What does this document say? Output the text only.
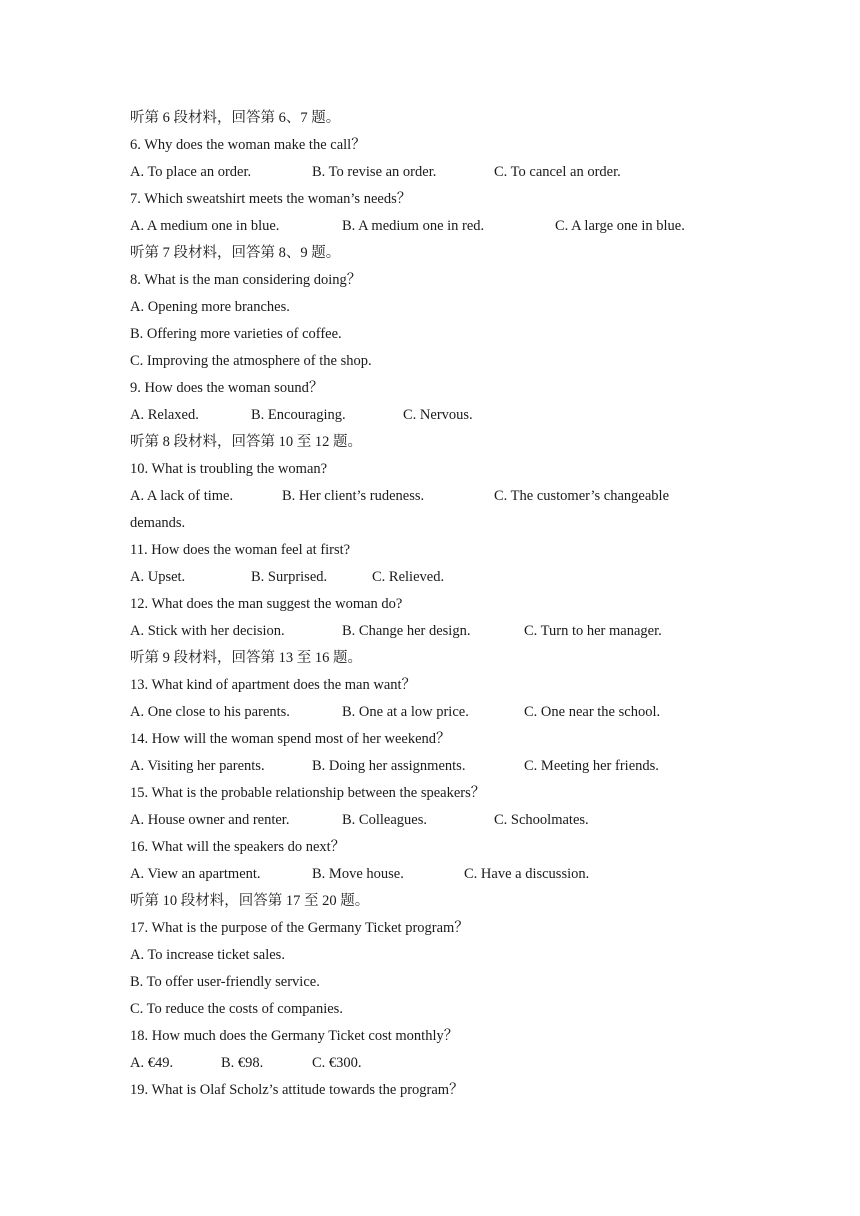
听第 6 段材料，回答第 6、7 题。
6. Why does the woman make the call？
A. To place an order.	B. To revise an order.	C. To cancel an order.
7. Which sweatshirt meets the woman’s needs？
A. A medium one in blue.	B. A medium one in red.	C. A large one in blue.
听第 7 段材料，回答第 8、9 题。
8. What is the man considering doing？
A. Opening more branches.
B. Offering more varieties of coffee.
C. Improving the atmosphere of the shop.
9. How does the woman sound？
A. Relaxed.	B. Encouraging.	C. Nervous.
听第 8 段材料，回答第 10 至 12 题。
10. What is troubling the woman?
A. A lack of time.	B. Her client’s rudeness.	C. The customer’s changeable
demands.
11. How does the woman feel at first?
A. Upset.	B. Surprised.	C. Relieved.
12. What does the man suggest the woman do?
A. Stick with her decision.	B. Change her design.	C. Turn to her manager.
听第 9 段材料，回答第 13 至 16 题。
13. What kind of apartment does the man want？
A. One close to his parents.	B. One at a low price.	C. One near the school.
14. How will the woman spend most of her weekend？
A. Visiting her parents.	B. Doing her assignments.	C. Meeting her friends.
15. What is the probable relationship between the speakers？
A. House owner and renter.	B. Colleagues.	C. Schoolmates.
16. What will the speakers do next？
A. View an apartment.	B. Move house.	C. Have a discussion.
听第 10 段材料，回答第 17 至 20 题。
17. What is the purpose of the Germany Ticket program？
A. To increase ticket sales.
B. To offer user-friendly service.
C. To reduce the costs of companies.
18. How much does the Germany Ticket cost monthly？
A. €49.	B. €98.	C. €300.
19. What is Olaf Scholz’s attitude towards the program？
